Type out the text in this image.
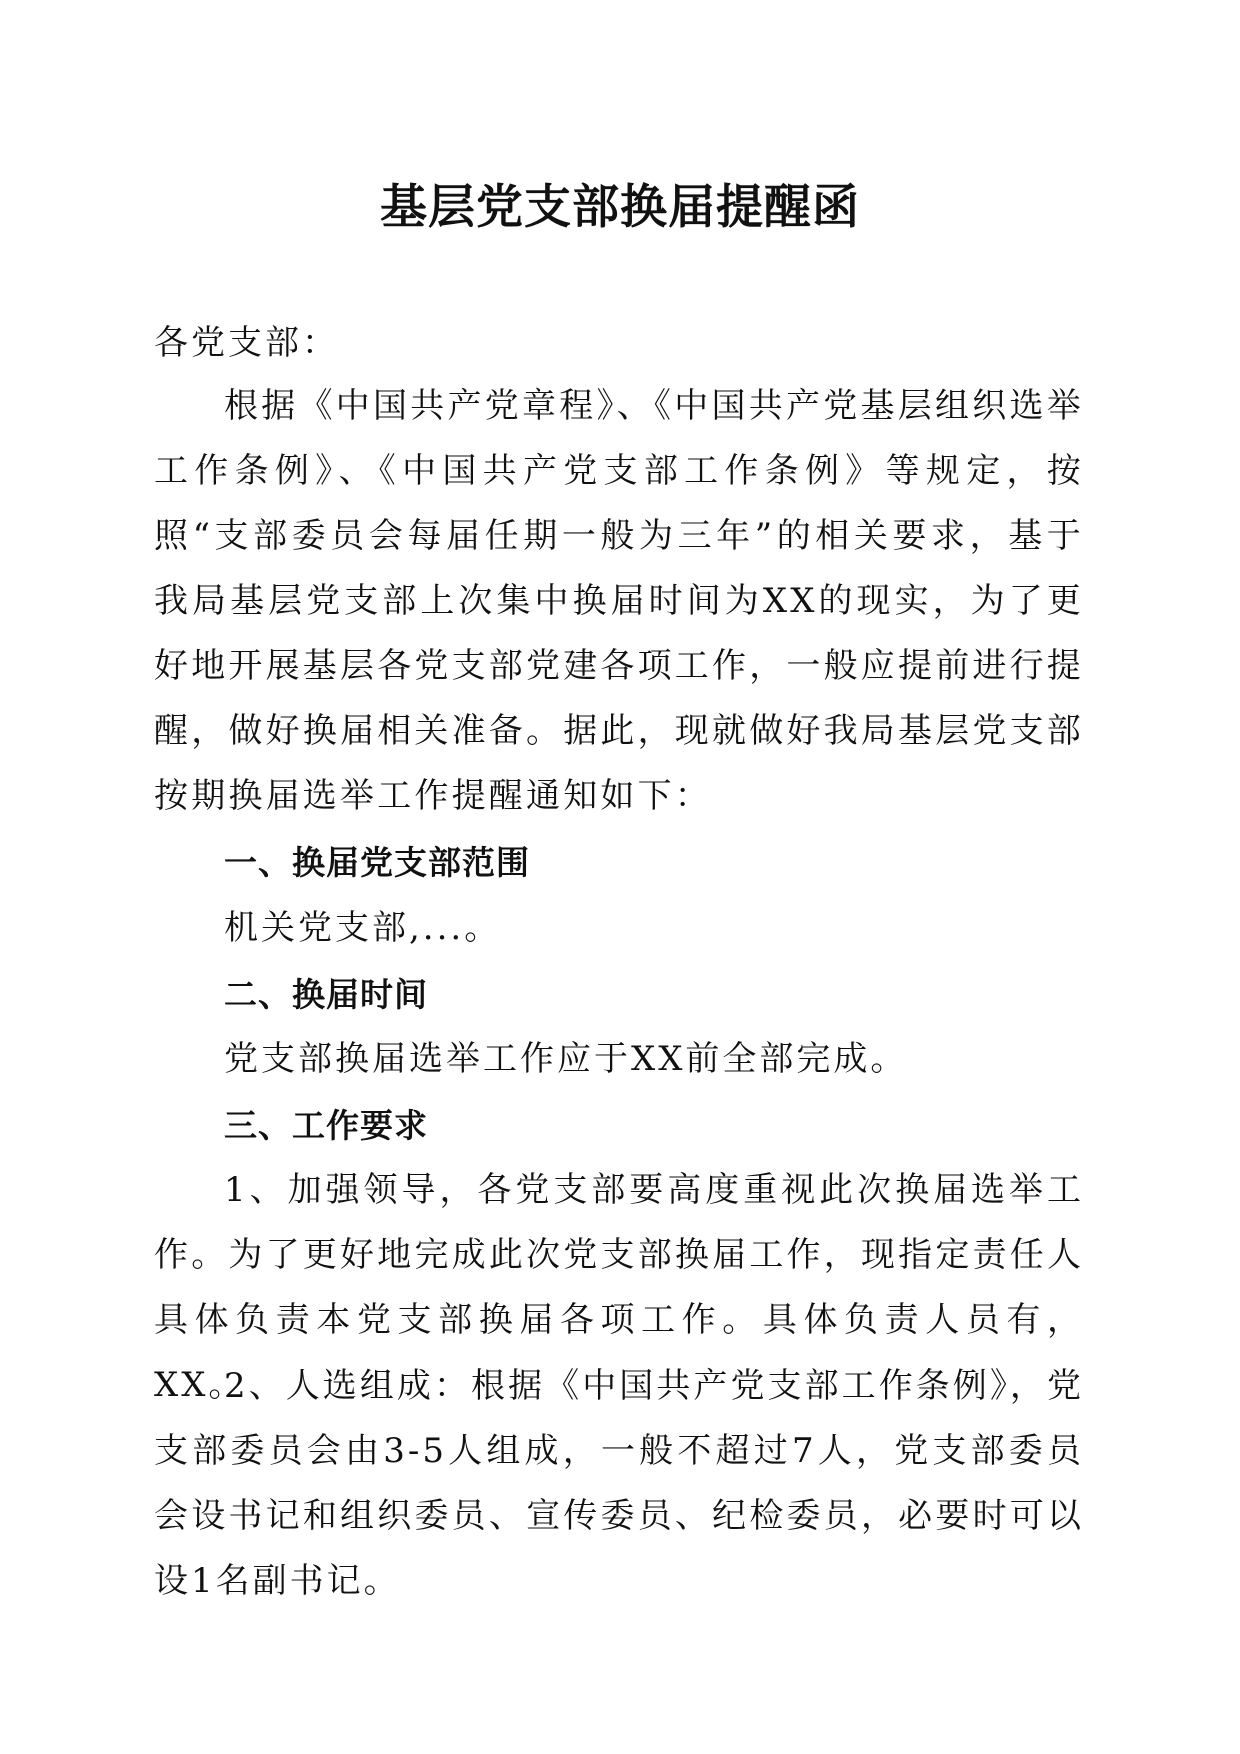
基层党支部换届提醒函
各党支部：
根据《中国共产党章程》、《中国共产党基层组织选举工作条例》、《中国共产党支部工作条例》等规定，按照“支部委员会每届任期一般为三年”的相关要求，基于我局基层党支部上次集中换届时间为XX的现实，为了更好地开展基层各党支部党建各项工作，一般应提前进行提醒，做好换届相关准备。据此，现就做好我局基层党支部按期换届选举工作提醒通知如下：
一、换届党支部范围
机关党支部,...。
二、换届时间
党支部换届选举工作应于XX前全部完成。
三、工作要求
1、加强领导，各党支部要高度重视此次换届选举工作。为了更好地完成此次党支部换届工作，现指定责任人具体负责本党支部换届各项工作。具体负责人员有，XX。
2、人选组成：根据《中国共产党支部工作条例》，党支部委员会由3-5人组成，一般不超过7人，党支部委员会设书记和组织委员、宣传委员、纪检委员，必要时可以设1名副书记。
